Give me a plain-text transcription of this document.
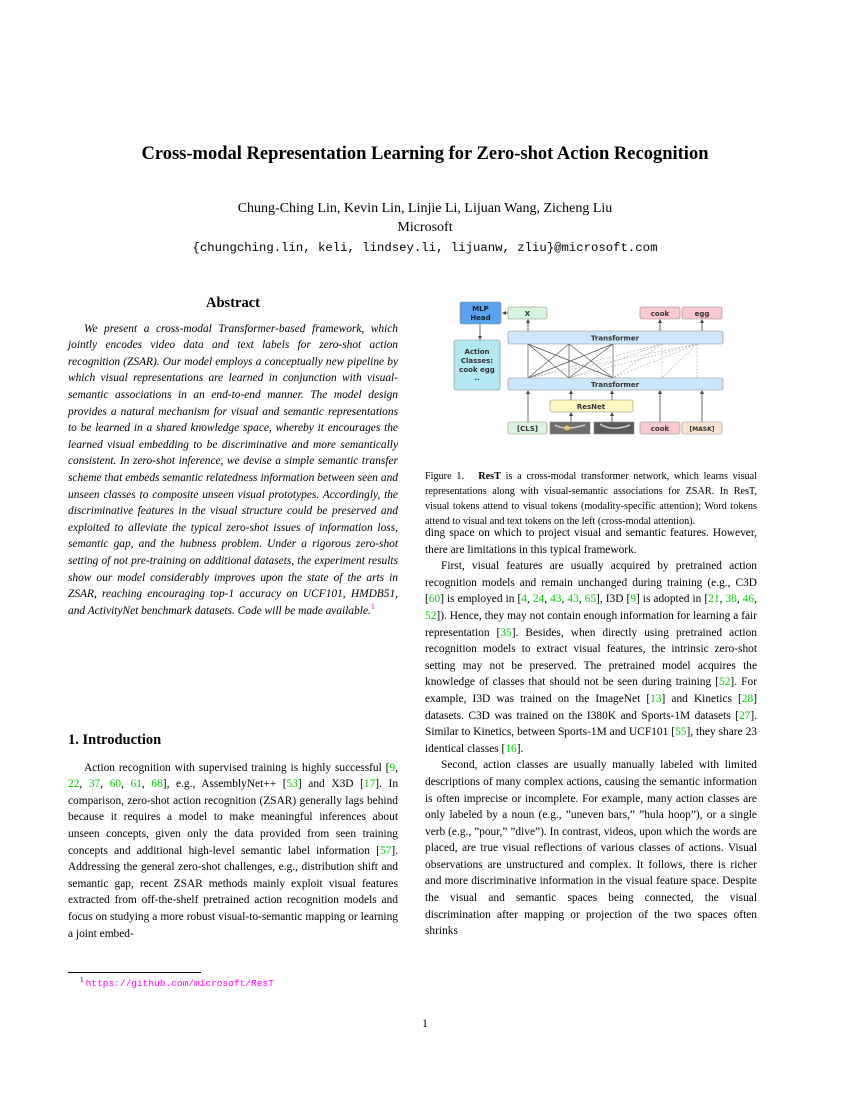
Cross-modal Representation Learning for Zero-shot Action Recognition
Chung-Ching Lin, Kevin Lin, Linjie Li, Lijuan Wang, Zicheng Liu
Microsoft
{chungching.lin, keli, lindsey.li, lijuanw, zliu}@microsoft.com
Abstract

We present a cross-modal Transformer-based framework, which jointly encodes video data and text labels for zero-shot action recognition (ZSAR). Our model employs a conceptually new pipeline by which visual representations are learned in conjunction with visual-semantic associations in an end-to-end manner. The model design provides a natural mechanism for visual and semantic representations to be learned in a shared knowledge space, whereby it encourages the learned visual embedding to be discriminative and more semantically consistent. In zero-shot inference, we devise a simple semantic transfer scheme that embeds semantic relatedness information between seen and unseen classes to composite unseen visual prototypes. Accordingly, the discriminative features in the visual structure could be preserved and exploited to alleviate the typical zero-shot issues of information loss, semantic gap, and the hubness problem. Under a rigorous zero-shot setting of not pre-training on additional datasets, the experiment results show our model considerably improves upon the state of the arts in ZSAR, reaching encouraging top-1 accuracy on UCF101, HMDB51, and ActivityNet benchmark datasets. Code will be made available.$^1$

1. Introduction

Action recognition with supervised training is highly successful [9, 22, 37, 60, 61, 68], e.g., AssemblyNet++ [53] and X3D [17]. In comparison, zero-shot action recognition (ZSAR) generally lags behind because it requires a model to make meaningful inferences about unseen concepts, given only the data provided from seen training concepts and additional high-level semantic label information [57]. Addressing the general zero-shot challenges, e.g., distribution shift and semantic gap, recent ZSAR methods mainly exploit visual features extracted from off-the-shelf pretrained action recognition models and focus on studying a more robust visual-to-semantic mapping or learning a joint embed-

MLP
Head
Action
Classes:
cook egg
..
X	cook	egg
Transformer
Transformer
ResNet
[CLS]	cook	[MASK]
Figure 1. ResT is a cross-modal transformer network, which learns visual representations along with visual-semantic associations for ZSAR. In ResT, visual tokens attend to visual tokens (modality-specific attention); Word tokens attend to visual and text tokens on the left (cross-modal attention).

ding space on which to project visual and semantic features. However, there are limitations in this typical framework.

First, visual features are usually acquired by pretrained action recognition models and remain unchanged during training (e.g., C3D [60] is employed in [4, 24, 43, 43, 65], I3D [9] is adopted in [21, 38, 46, 52]). Hence, they may not contain enough information for learning a fair representation [35]. Besides, when directly using pretrained action recognition models to extract visual features, the intrinsic zero-shot setting may not be preserved. The pretrained model acquires the knowledge of classes that should not be seen during training [52]. For example, I3D was trained on the ImageNet [13] and Kinetics [28] datasets. C3D was trained on the I380K and Sports-1M datasets [27]. Similar to Kinetics, between Sports-1M and UCF101 [55], they share 23 identical classes [16].

Second, action classes are usually manually labeled with limited descriptions of many complex actions, causing the semantic information is often imprecise or incomplete. For example, many action classes are only labeled by a noun (e.g., ”uneven bars,” ”hula hoop”), or a single verb (e.g., ”pour,” ”dive”). In contrast, videos, upon which the words are placed, are true visual reflections of various classes of actions. Visual observations are unstructured and complex. It follows, there is richer and more discriminative information in the visual feature space. Despite the visual and semantic spaces being connected, the visual discrimination after mapping or projection of the two spaces often shrinks

$^1$ https://github.com/microsoft/ResT
1
